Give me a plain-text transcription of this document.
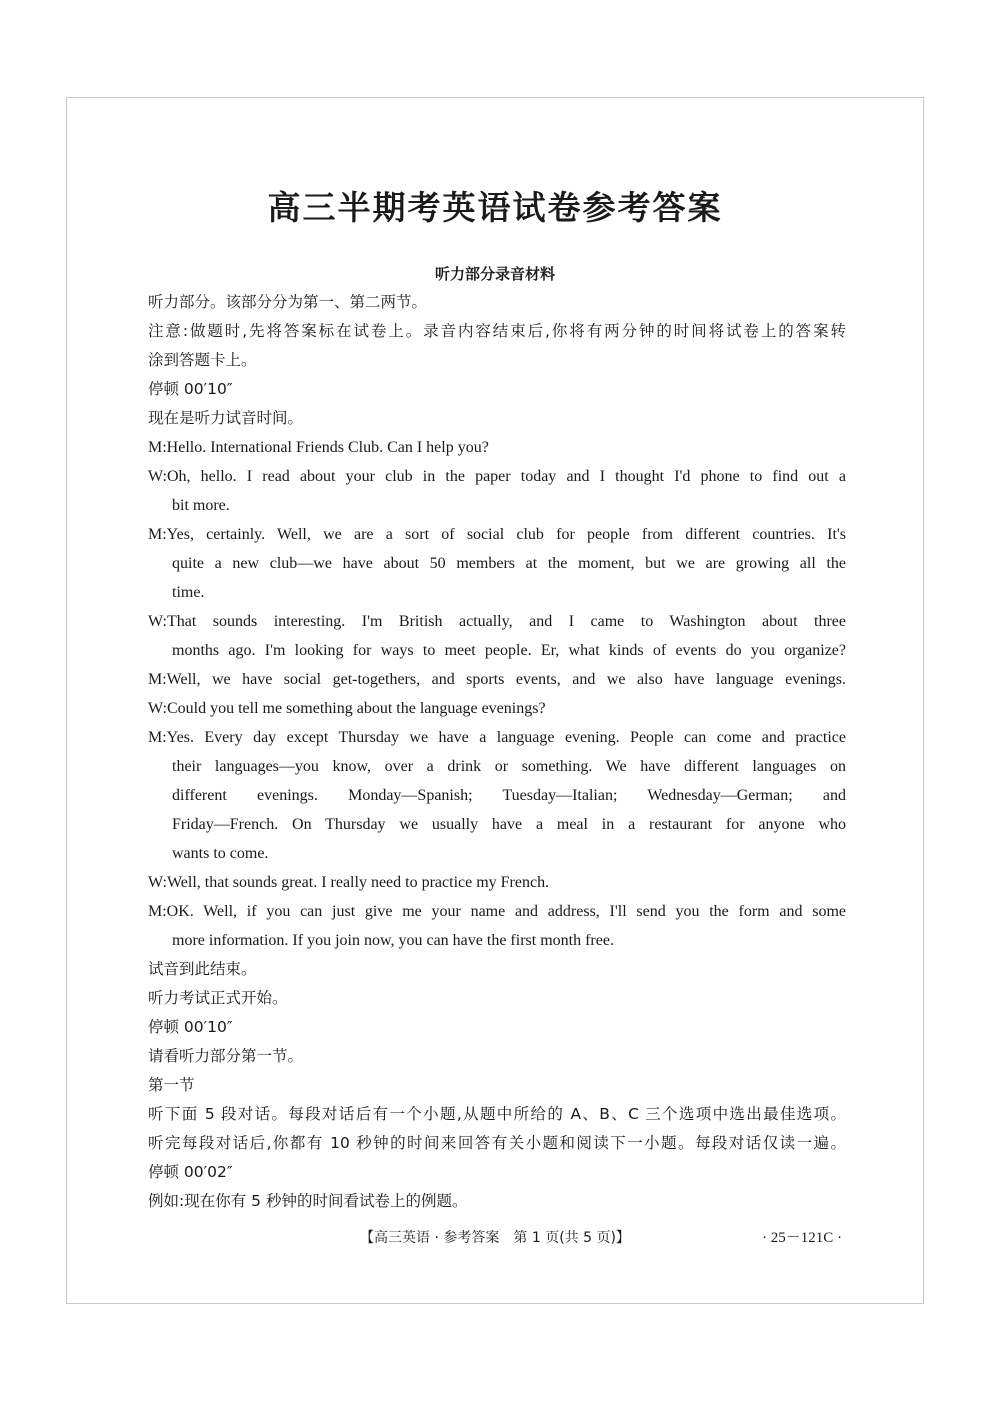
高三半期考英语试卷参考答案
听力部分录音材料
听力部分。该部分分为第一、第二两节。
注意:做题时,先将答案标在试卷上。录音内容结束后,你将有两分钟的时间将试卷上的答案转
涂到答题卡上。
停顿 00′10″
现在是听力试音时间。
M:Hello. International Friends Club. Can I help you?
W:Oh, hello. I read about your club in the paper today and I thought I'd phone to find out a
bit more.
M:Yes, certainly. Well, we are a sort of social club for people from different countries. It's
quite a new club—we have about 50 members at the moment, but we are growing all the
time.
W:That sounds interesting. I'm British actually, and I came to Washington about three
months ago. I'm looking for ways to meet people. Er, what kinds of events do you organize?
M:Well, we have social get-togethers, and sports events, and we also have language evenings.
W:Could you tell me something about the language evenings?
M:Yes. Every day except Thursday we have a language evening. People can come and practice
their languages—you know, over a drink or something. We have different languages on
different evenings. Monday—Spanish; Tuesday—Italian; Wednesday—German; and
Friday—French. On Thursday we usually have a meal in a restaurant for anyone who
wants to come.
W:Well, that sounds great. I really need to practice my French.
M:OK. Well, if you can just give me your name and address, I'll send you the form and some
more information. If you join now, you can have the first month free.
试音到此结束。
听力考试正式开始。
停顿 00′10″
请看听力部分第一节。
第一节
听下面 5 段对话。每段对话后有一个小题,从题中所给的 A、B、C 三个选项中选出最佳选项。
听完每段对话后,你都有 10 秒钟的时间来回答有关小题和阅读下一小题。每段对话仅读一遍。
停顿 00′02″
例如:现在你有 5 秒钟的时间看试卷上的例题。
【高三英语 · 参考答案　第 1 页(共 5 页)】	· 25－121C ·
